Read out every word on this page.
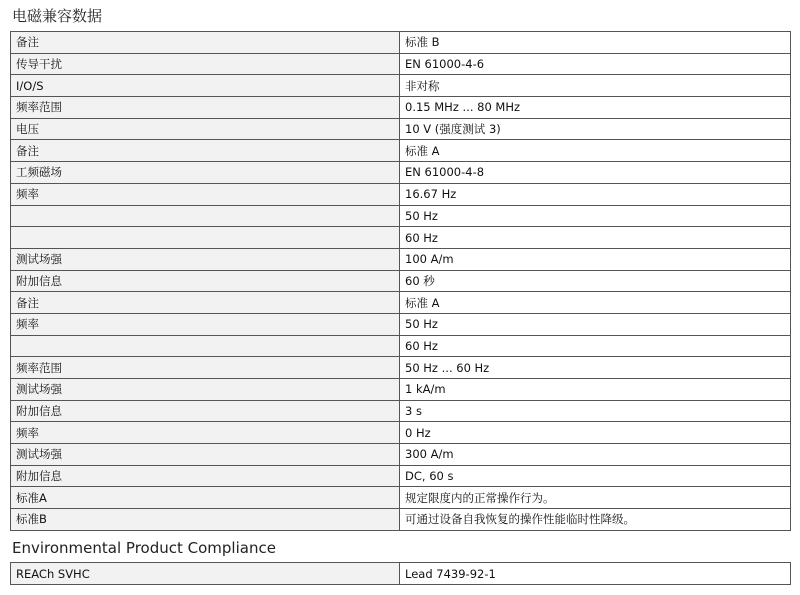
电磁兼容数据
备注	标准 B
传导干扰	EN 61000-4-6
I/O/S	非对称
频率范围	0.15 MHz ... 80 MHz
电压	10 V (强度测试 3)
备注	标准 A
工频磁场	EN 61000-4-8
频率	16.67 Hz
	50 Hz
	60 Hz
测试场强	100 A/m
附加信息	60 秒
备注	标准 A
频率	50 Hz
	60 Hz
频率范围	50 Hz ... 60 Hz
测试场强	1 kA/m
附加信息	3 s
频率	0 Hz
测试场强	300 A/m
附加信息	DC, 60 s
标准A	规定限度内的正常操作行为。
标准B	可通过设备自我恢复的操作性能临时性降级。
Environmental Product Compliance
REACh SVHC	Lead 7439-92-1
